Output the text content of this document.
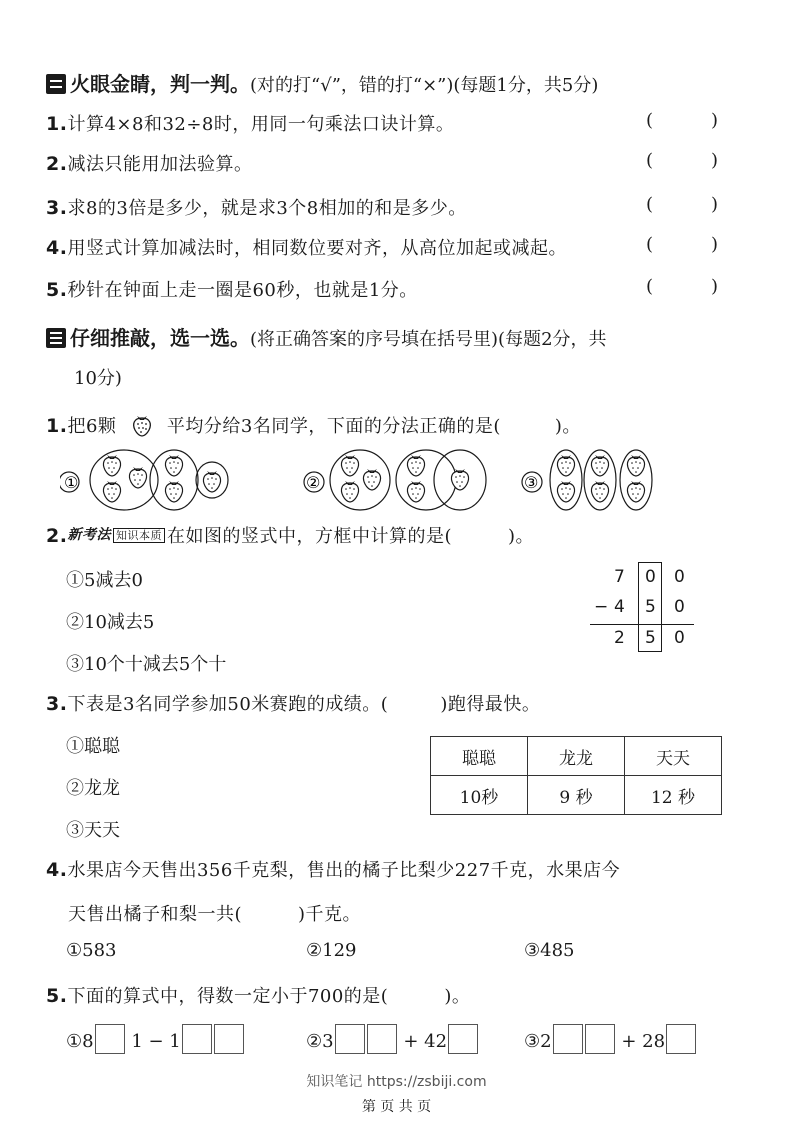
火眼金睛，判一判。(对的打“√”，错的打“×”)(每题1分，共5分)
1.计算4×8和32÷8时，用同一句乘法口诀计算。	(	)
2.减法只能用加法验算。	(	)
3.求8的3倍是多少，就是求3个8相加的和是多少。	(	)
4.用竖式计算加减法时，相同数位要对齐，从高位加起或减起。	(	)
5.秒针在钟面上走一圈是60秒，也就是1分。	(	)
仔细推敲，选一选。(将正确答案的序号填在括号里)(每题2分，共
10分)
1.把6颗	平均分给3名同学，下面的分法正确的是(	)。
①	②	③
2.新考法 知识本质 在如图的竖式中，方框中计算的是(	)。
①5减去0
②10减去5
③10个十减去5个十
7 0 0
− 4 5 0
2 5 0
3.下表是3名同学参加50米赛跑的成绩。(	)跑得最快。
①聪聪
②龙龙
③天天
聪聪	龙龙	天天
10秒	9 秒	12 秒
4.水果店今天售出356千克梨，售出的橘子比梨少227千克，水果店今
天售出橘子和梨一共(	)千克。
①583	②129	③485
5.下面的算式中，得数一定小于700的是(	)。
①8 1 − 1	②3	+ 42	③2	+ 28
知识笔记 https://zsbiji.com
第 页 共 页
